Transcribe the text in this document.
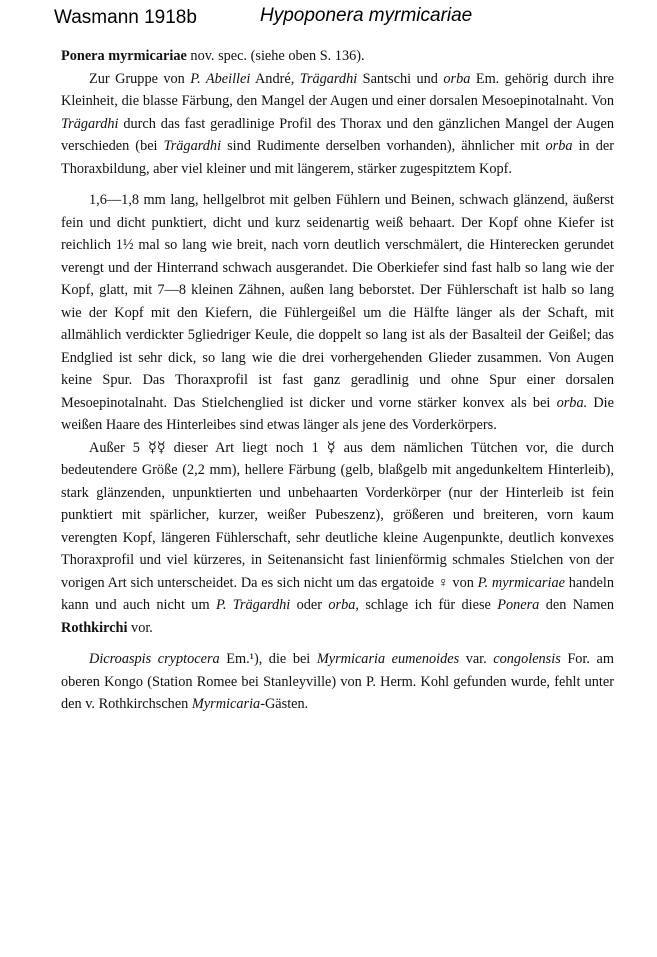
Wasmann 1918b	Hypoponera myrmicariae

Ponera myrmicariae nov. spec. (siehe oben S. 136).

Zur Gruppe von P. Abeillei André, Trägardhi Santschi und orba Em. gehörig durch ihre Kleinheit, die blasse Färbung, den Mangel der Augen und einer dorsalen Mesoepinotalnaht. Von Trägardhi durch das fast geradlinige Profil des Thorax und den gänzlichen Mangel der Augen verschieden (bei Trägardhi sind Rudimente derselben vorhanden), ähnlicher mit orba in der Thoraxbildung, aber viel kleiner und mit längerem, stärker zugespitztem Kopf.

1,6—1,8 mm lang, hellgelbrot mit gelben Fühlern und Beinen, schwach glänzend, äußerst fein und dicht punktiert, dicht und kurz seidenartig weiß behaart. Der Kopf ohne Kiefer ist reichlich 1½ mal so lang wie breit, nach vorn deutlich verschmälert, die Hinterecken gerundet verengt und der Hinterrand schwach ausgerandet. Die Oberkiefer sind fast halb so lang wie der Kopf, glatt, mit 7—8 kleinen Zähnen, außen lang beborstet. Der Fühlerschaft ist halb so lang wie der Kopf mit den Kiefern, die Fühlergeißel um die Hälfte länger als der Schaft, mit allmählich verdickter 5gliedriger Keule, die doppelt so lang ist als der Basalteil der Geißel; das Endglied ist sehr dick, so lang wie die drei vorhergehenden Glieder zusammen. Von Augen keine Spur. Das Thoraxprofil ist fast ganz geradlinig und ohne Spur einer dorsalen Mesoepinotalnaht. Das Stielchenglied ist dicker und vorne stärker konvex als bei orba. Die weißen Haare des Hinterleibes sind etwas länger als jene des Vorderkörpers.

Außer 5 ☿☿ dieser Art liegt noch 1 ☿ aus dem nämlichen Tütchen vor, die durch bedeutendere Größe (2,2 mm), hellere Färbung (gelb, blaßgelb mit angedunkeltem Hinterleib), stark glänzenden, unpunktierten und unbehaarten Vorderkörper (nur der Hinterleib ist fein punktiert mit spärlicher, kurzer, weißer Pubeszenz), größeren und breiteren, vorn kaum verengten Kopf, längeren Fühlerschaft, sehr deutliche kleine Augenpunkte, deutlich konvexes Thoraxprofil und viel kürzeres, in Seitenansicht fast linienförmig schmales Stielchen von der vorigen Art sich unterscheidet. Da es sich nicht um das ergatoide ♀ von P. myrmicariae handeln kann und auch nicht um P. Trägardhi oder orba, schlage ich für diese Ponera den Namen Rothkirchi vor.

Dicroaspis cryptocera Em.¹), die bei Myrmicaria eumenoides var. congolensis For. am oberen Kongo (Station Romee bei Stanleyville) von P. Herm. Kohl gefunden wurde, fehlt unter den v. Rothkirchschen Myrmicaria-Gästen.
